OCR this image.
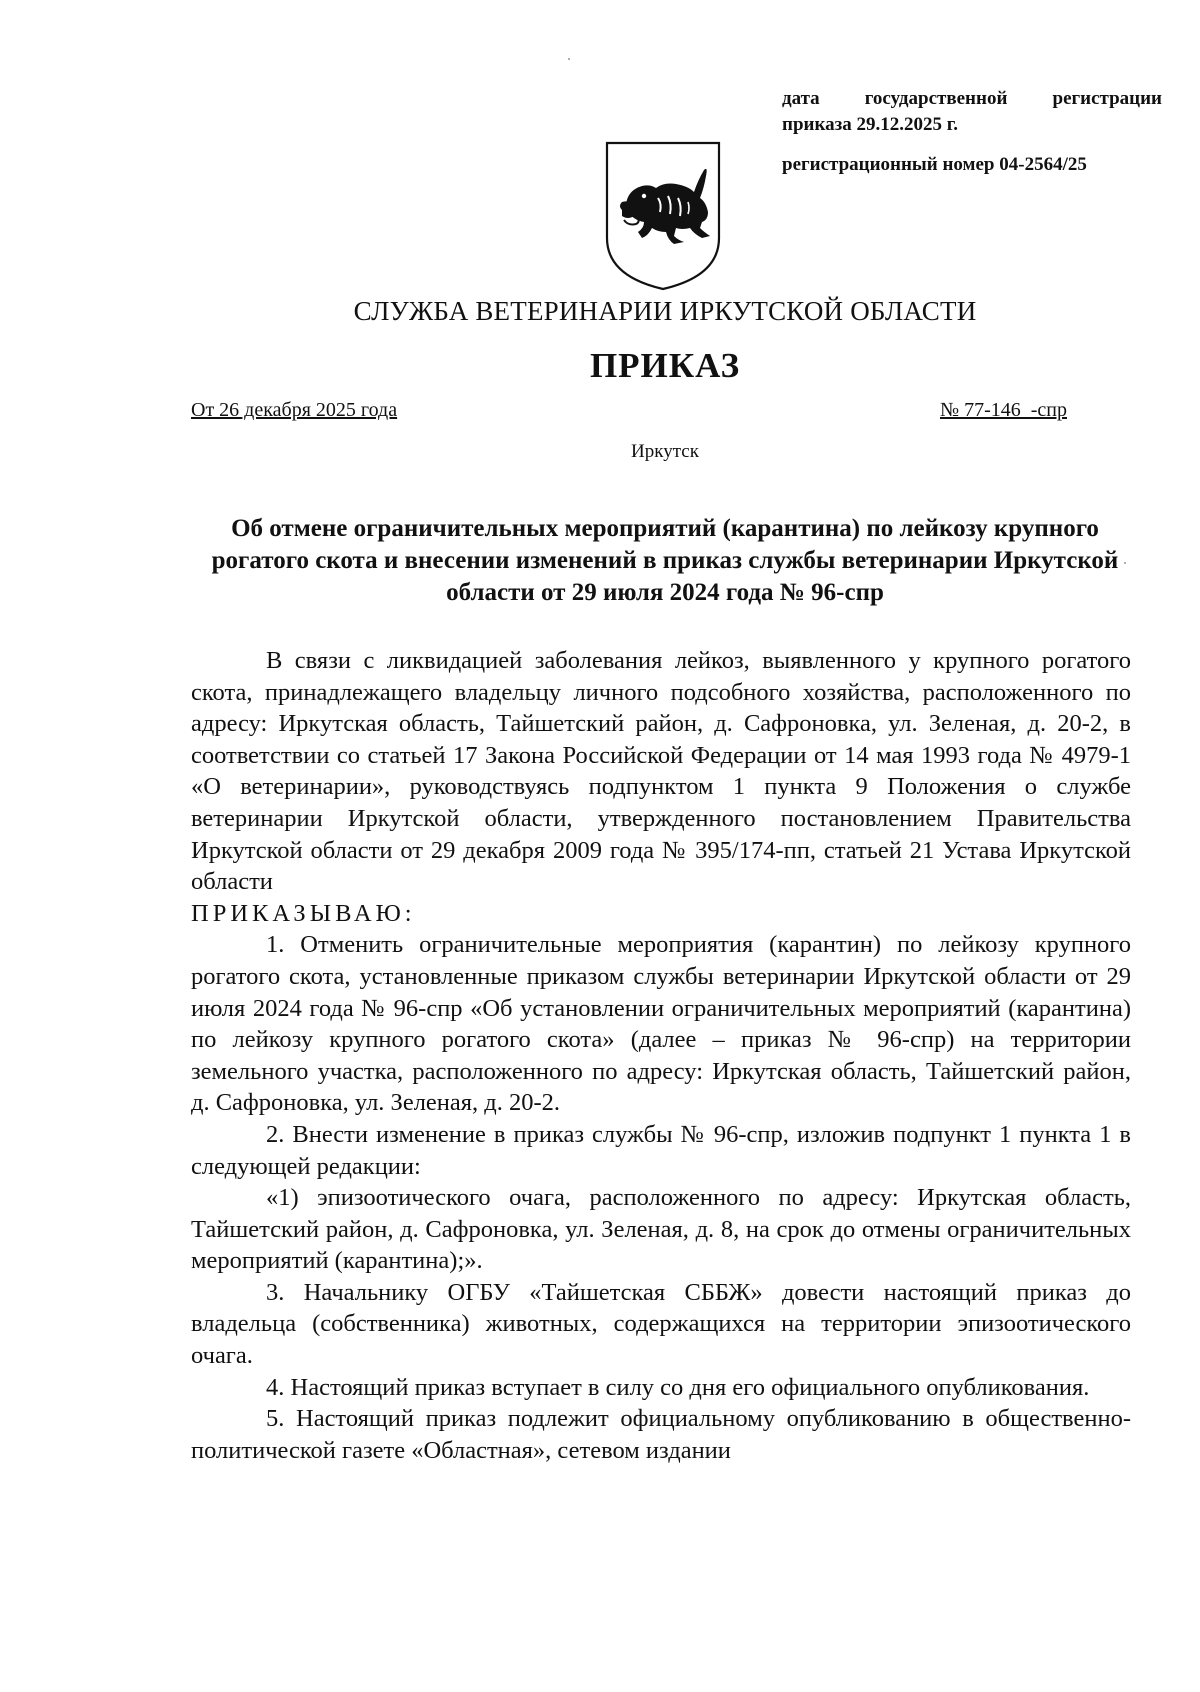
дата государственной регистрации
приказа 29.12.2025 г.
регистрационный номер 04-2564/25
СЛУЖБА ВЕТЕРИНАРИИ ИРКУТСКОЙ ОБЛАСТИ
ПРИКАЗ
От 26 декабря 2025 года	№ 77-146  -спр
Иркутск
Об отмене ограничительных мероприятий (карантина) по лейкозу крупного рогатого скота и внесении изменений в приказ службы ветеринарии Иркутской области от 29 июля 2024 года № 96-спр

В связи с ликвидацией заболевания лейкоз, выявленного у крупного рогатого скота, принадлежащего владельцу личного подсобного хозяйства, расположенного по адресу: Иркутская область, Тайшетский район, д. Сафроновка, ул. Зеленая, д. 20-2, в соответствии со статьей 17 Закона Российской Федерации от 14 мая 1993 года № 4979-1 «О ветеринарии», руководствуясь подпунктом 1 пункта 9 Положения о службе ветеринарии Иркутской области, утвержденного постановлением Правительства Иркутской области от 29 декабря 2009 года № 395/174-пп, статьей 21 Устава Иркутской области

ПРИКАЗЫВАЮ:

1. Отменить ограничительные мероприятия (карантин) по лейкозу крупного рогатого скота, установленные приказом службы ветеринарии Иркутской области от 29 июля 2024 года № 96-спр «Об установлении ограничительных мероприятий (карантина) по лейкозу крупного рогатого скота» (далее – приказ № 96-спр) на территории земельного участка, расположенного по адресу: Иркутская область, Тайшетский район, д. Сафроновка, ул. Зеленая, д. 20-2.

2. Внести изменение в приказ службы № 96-спр, изложив подпункт 1 пункта 1 в следующей редакции:

«1) эпизоотического очага, расположенного по адресу: Иркутская область, Тайшетский район, д. Сафроновка, ул. Зеленая, д. 8, на срок до отмены ограничительных мероприятий (карантина);».

3. Начальнику ОГБУ «Тайшетская СББЖ» довести настоящий приказ до владельца (собственника) животных, содержащихся на территории эпизоотического очага.

4. Настоящий приказ вступает в силу со дня его официального опубликования.

5. Настоящий приказ подлежит официальному опубликованию в общественно-политической газете «Областная», сетевом издании
